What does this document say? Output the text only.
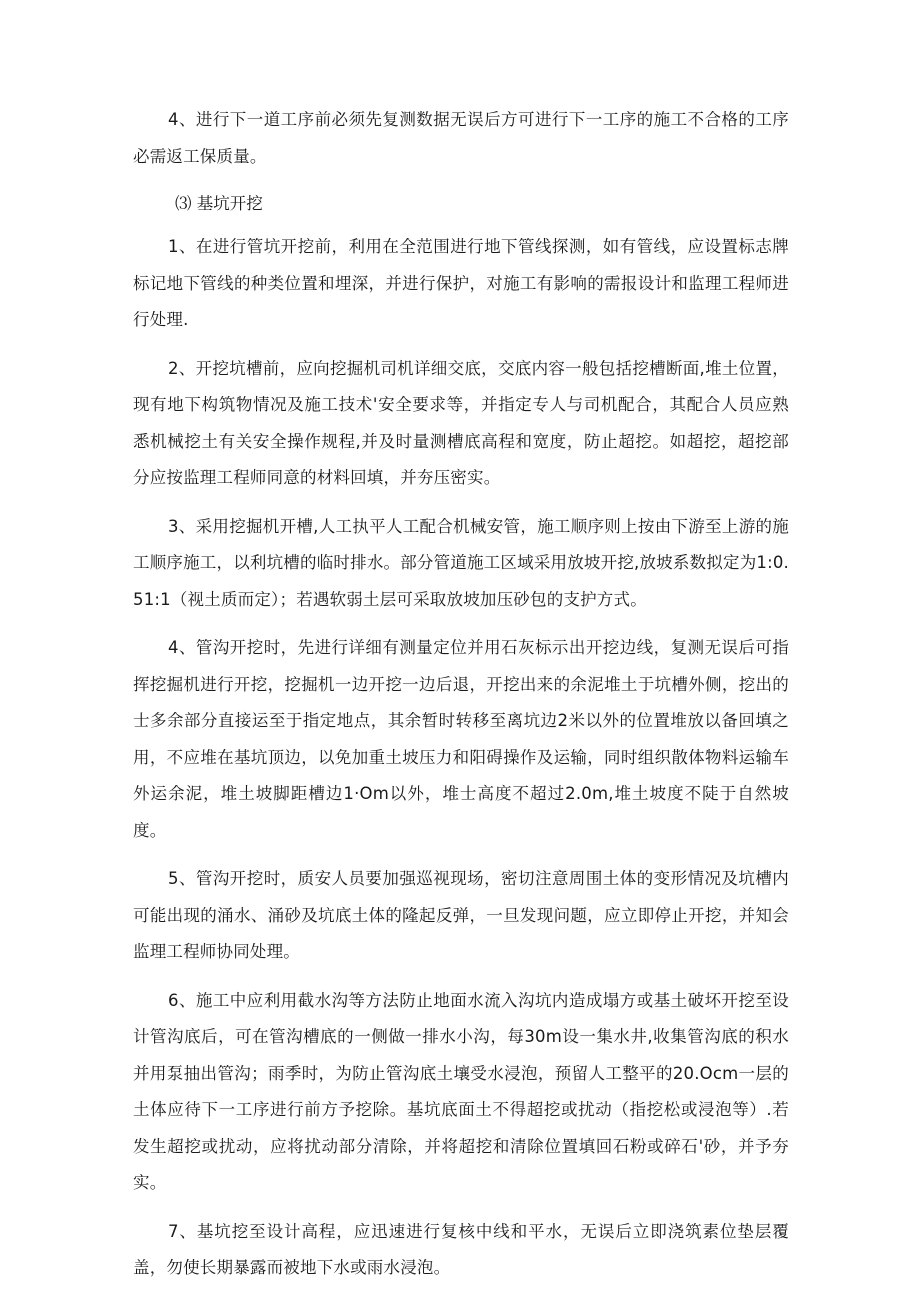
4、进行下一道工序前必须先复测数据无误后方可进行下一工序的施工不合格的工序必需返工保质量。

⑶ 基坑开挖

1、在进行管坑开挖前，利用在全范围进行地下管线探测，如有管线，应设置标志牌标记地下管线的种类位置和埋深，并进行保护，对施工有影响的需报设计和监理工程师进行处理.

2、开挖坑槽前，应向挖掘机司机详细交底，交底内容一般包括挖槽断面,堆土位置，现有地下构筑物情况及施工技术'安全要求等，并指定专人与司机配合，其配合人员应熟悉机械挖土有关安全操作规程,并及时量测槽底高程和宽度，防止超挖。如超挖，超挖部分应按监理工程师同意的材料回填，并夯压密实。

3、采用挖掘机开槽,人工执平人工配合机械安管，施工顺序则上按由下游至上游的施工顺序施工，以利坑槽的临时排水。部分管道施工区域采用放坡开挖,放坡系数拟定为1:0.51:1（视土质而定）；若遇软弱土层可采取放坡加压砂包的支护方式。

4、管沟开挖时，先进行详细有测量定位并用石灰标示出开挖边线，复测无误后可指挥挖掘机进行开挖，挖掘机一边开挖一边后退，开挖出来的余泥堆土于坑槽外侧，挖出的士多余部分直接运至于指定地点，其余暂时转移至离坑边2米以外的位置堆放以备回填之用，不应堆在基坑顶边，以免加重土坡压力和阳碍操作及运输，同时组织散体物料运输车外运余泥，堆土坡脚距槽边1·Om以外，堆士高度不超过2.0m,堆土坡度不陡于自然坡度。

5、管沟开挖时，质安人员要加强巡视现场，密切注意周围土体的变形情况及坑槽内可能出现的涌水、涌砂及坑底土体的隆起反弹，一旦发现问题，应立即停止开挖，并知会监理工程师协同处理。

6、施工中应利用截水沟等方法防止地面水流入沟坑内造成塌方或基土破坏开挖至设计管沟底后，可在管沟槽底的一侧做一排水小沟，每30m设一集水井,收集管沟底的积水并用泵抽出管沟；雨季时，为防止管沟底土壤受水浸泡，预留人工整平的20.Ocm一层的土体应待下一工序进行前方予挖除。基坑底面土不得超挖或扰动（指挖松或浸泡等）.若发生超挖或扰动，应将扰动部分清除，并将超挖和清除位置填回石粉或碎石'砂，并予夯实。

7、基坑挖至设计高程，应迅速进行复核中线和平水，无误后立即浇筑素位垫层覆盖，勿使长期暴露而被地下水或雨水浸泡。
